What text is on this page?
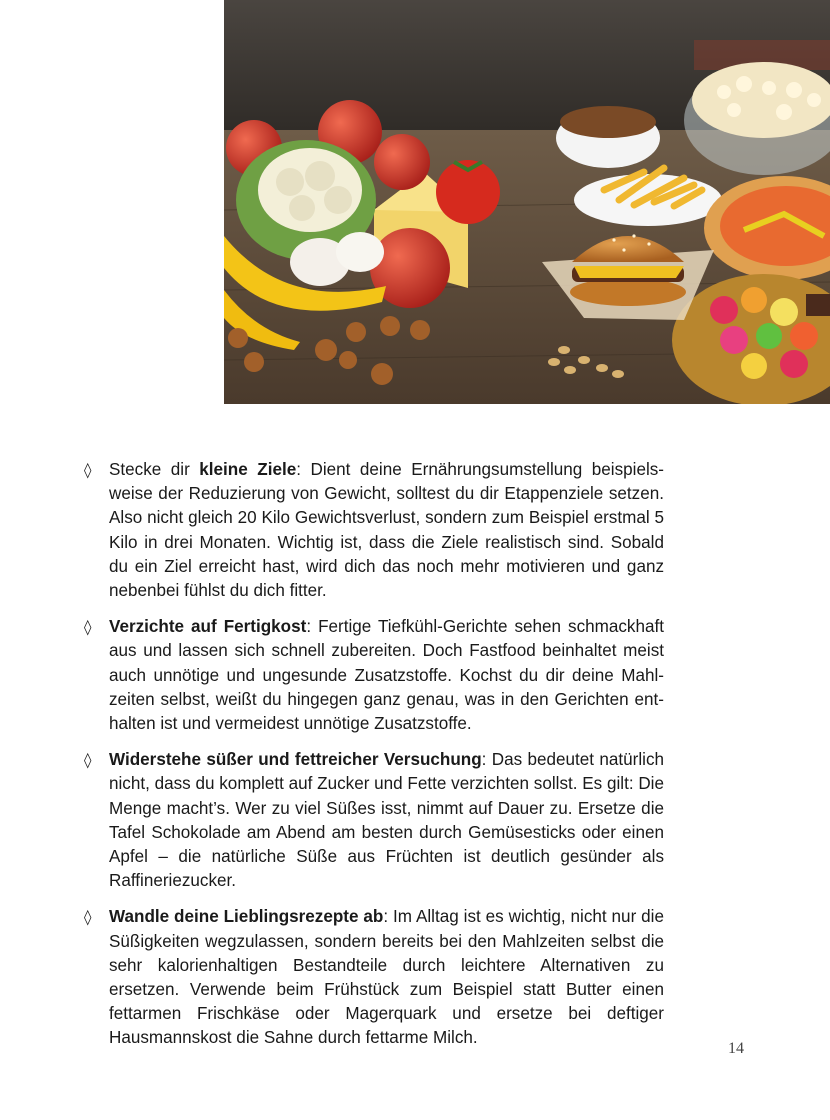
◊ Stecke dir kleine Ziele: Dient deine Ernährungsumstellung beispielsweise der Reduzierung von Gewicht, solltest du dir Etappenziele setzen. Also nicht gleich 20 Kilo Gewichtsverlust, sondern zum Beispiel erstmal 5 Kilo in drei Monaten. Wichtig ist, dass die Ziele realistisch sind. Sobald du ein Ziel erreicht hast, wird dich das noch mehr motivieren und ganz nebenbei fühlst du dich fitter.
◊ Verzichte auf Fertigkost: Fertige Tiefkühl-Gerichte sehen schmackhaft aus und lassen sich schnell zubereiten. Doch Fastfood beinhaltet meist auch unnötige und ungesunde Zusatzstoffe. Kochst du dir deine Mahlzeiten selbst, weißt du hingegen ganz genau, was in den Gerichten enthalten ist und vermeidest unnötige Zusatzstoffe.
◊ Widerstehe süßer und fettreicher Versuchung: Das bedeutet natürlich nicht, dass du komplett auf Zucker und Fette verzichten sollst. Es gilt: Die Menge macht’s. Wer zu viel Süßes isst, nimmt auf Dauer zu. Ersetze die Tafel Schokolade am Abend am besten durch Gemüsesticks oder einen Apfel – die natürliche Süße aus Früchten ist deutlich gesünder als Raffineriezucker.
◊ Wandle deine Lieblingsrezepte ab: Im Alltag ist es wichtig, nicht nur die Süßigkeiten wegzulassen, sondern bereits bei den Mahlzeiten selbst die sehr kalorienhaltigen Bestandteile durch leichtere Alternativen zu ersetzen. Verwende beim Frühstück zum Beispiel statt Butter einen fettarmen Frischkäse oder Magerquark und ersetze bei deftiger Hausmannskost die Sahne durch fettarme Milch.
14
